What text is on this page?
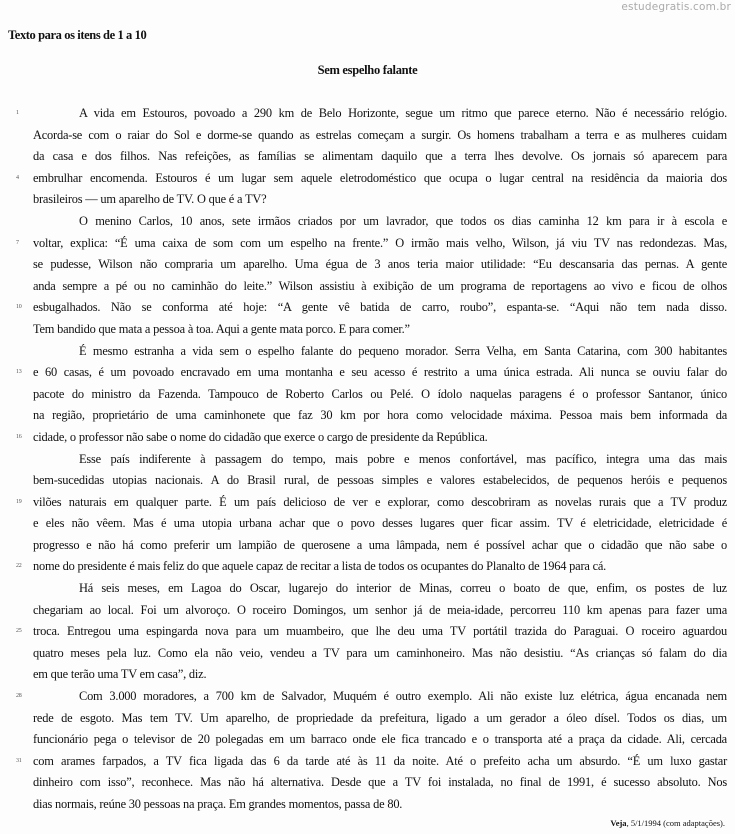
estudegratis.com.br
Texto para os itens de 1 a 10
Sem espelho falante
1	A vida em Estouros, povoado a 290 km de Belo Horizonte, segue um ritmo que parece eterno. Não é necessário relógio.
Acorda-se com o raiar do Sol e dorme-se quando as estrelas começam a surgir. Os homens trabalham a terra e as mulheres cuidam
da casa e dos filhos. Nas refeições, as famílias se alimentam daquilo que a terra lhes devolve. Os jornais só aparecem para
4	embrulhar encomenda. Estouros é um lugar sem aquele eletrodoméstico que ocupa o lugar central na residência da maioria dos
brasileiros — um aparelho de TV. O que é a TV?
O menino Carlos, 10 anos, sete irmãos criados por um lavrador, que todos os dias caminha 12 km para ir à escola e
7	voltar, explica: “É uma caixa de som com um espelho na frente.” O irmão mais velho, Wilson, já viu TV nas redondezas. Mas,
se pudesse, Wilson não compraria um aparelho. Uma égua de 3 anos teria maior utilidade: “Eu descansaria das pernas. A gente
anda sempre a pé ou no caminhão do leite.” Wilson assistiu à exibição de um programa de reportagens ao vivo e ficou de olhos
10 esbugalhados. Não se conforma até hoje: “A gente vê batida de carro, roubo”, espanta-se. “Aqui não tem nada disso.
Tem bandido que mata a pessoa à toa. Aqui a gente mata porco. E para comer.”
É mesmo estranha a vida sem o espelho falante do pequeno morador. Serra Velha, em Santa Catarina, com 300 habitantes
13 e 60 casas, é um povoado encravado em uma montanha e seu acesso é restrito a uma única estrada. Ali nunca se ouviu falar do
pacote do ministro da Fazenda. Tampouco de Roberto Carlos ou Pelé. O ídolo naquelas paragens é o professor Santanor, único
na região, proprietário de uma caminhonete que faz 30 km por hora como velocidade máxima. Pessoa mais bem informada da
16 cidade, o professor não sabe o nome do cidadão que exerce o cargo de presidente da República.
Esse país indiferente à passagem do tempo, mais pobre e menos confortável, mas pacífico, integra uma das mais
bem-sucedidas utopias nacionais. A do Brasil rural, de pessoas simples e valores estabelecidos, de pequenos heróis e pequenos
19 vilões naturais em qualquer parte. É um país delicioso de ver e explorar, como descobriram as novelas rurais que a TV produz
e eles não vêem. Mas é uma utopia urbana achar que o povo desses lugares quer ficar assim. TV é eletricidade, eletricidade é
progresso e não há como preferir um lampião de querosene a uma lâmpada, nem é possível achar que o cidadão que não sabe o
22 nome do presidente é mais feliz do que aquele capaz de recitar a lista de todos os ocupantes do Planalto de 1964 para cá.
Há seis meses, em Lagoa do Oscar, lugarejo do interior de Minas, correu o boato de que, enfim, os postes de luz
chegariam ao local. Foi um alvoroço. O roceiro Domingos, um senhor já de meia-idade, percorreu 110 km apenas para fazer uma
25 troca. Entregou uma espingarda nova para um muambeiro, que lhe deu uma TV portátil trazida do Paraguai. O roceiro aguardou
quatro meses pela luz. Como ela não veio, vendeu a TV para um caminhoneiro. Mas não desistiu. “As crianças só falam do dia
em que terão uma TV em casa”, diz.
28	Com 3.000 moradores, a 700 km de Salvador, Muquém é outro exemplo. Ali não existe luz elétrica, água encanada nem
rede de esgoto. Mas tem TV. Um aparelho, de propriedade da prefeitura, ligado a um gerador a óleo dísel. Todos os dias, um
funcionário pega o televisor de 20 polegadas em um barraco onde ele fica trancado e o transporta até a praça da cidade. Ali, cercada
31 com arames farpados, a TV fica ligada das 6 da tarde até às 11 da noite. Até o prefeito acha um absurdo. “É um luxo gastar
dinheiro com isso”, reconhece. Mas não há alternativa. Desde que a TV foi instalada, no final de 1991, é sucesso absoluto. Nos
dias normais, reúne 30 pessoas na praça. Em grandes momentos, passa de 80.
Veja, 5/1/1994 (com adaptações).
